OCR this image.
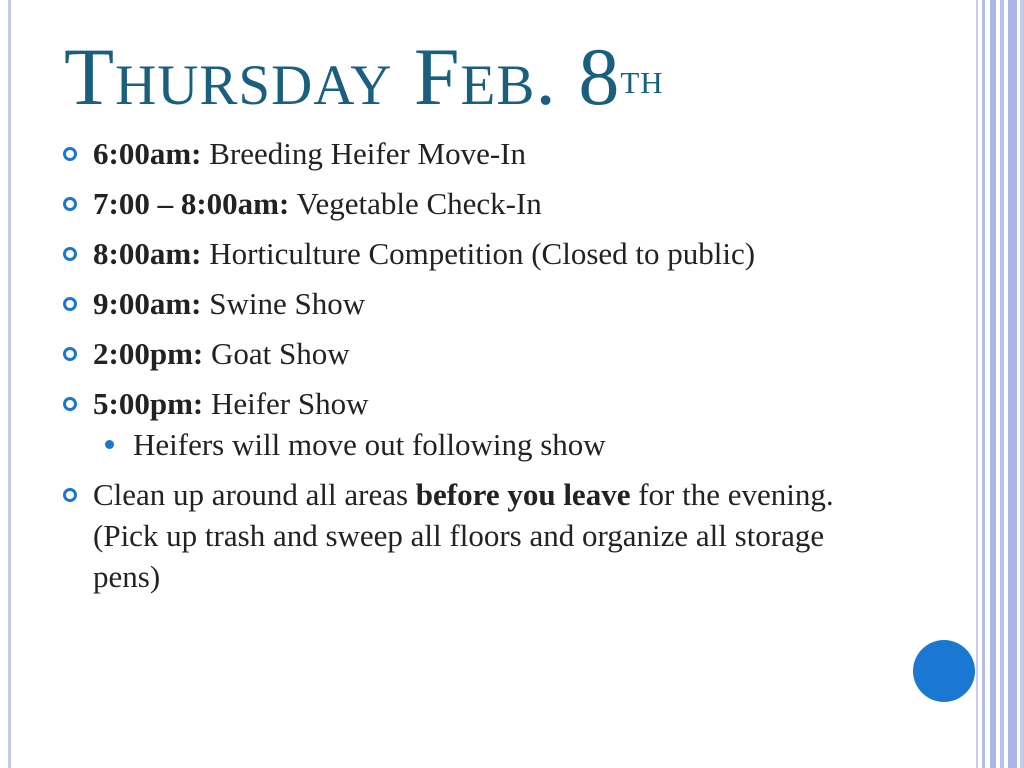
Thursday Feb. 8th
6:00am: Breeding Heifer Move-In
7:00 – 8:00am: Vegetable Check-In
8:00am: Horticulture Competition (Closed to public)
9:00am: Swine Show
2:00pm: Goat Show
5:00pm: Heifer Show
Heifers will move out following show
Clean up around all areas before you leave for the evening. (Pick up trash and sweep all floors and organize all storage pens)
